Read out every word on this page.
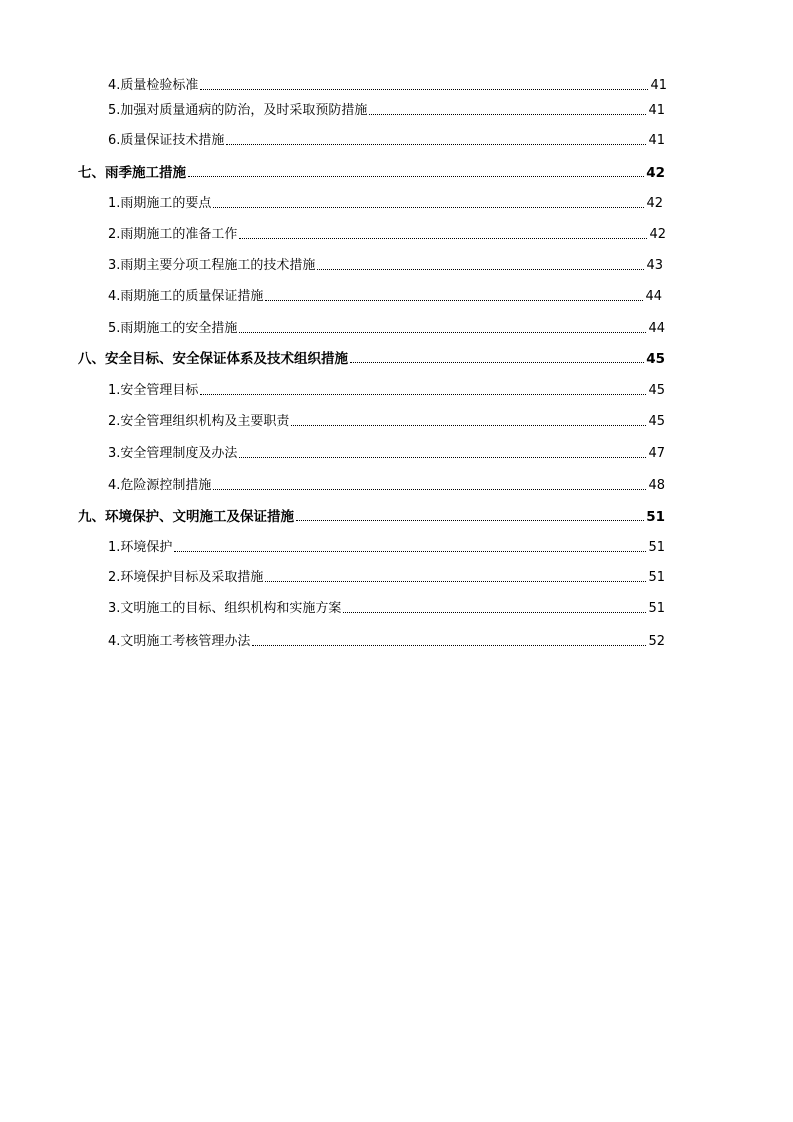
4.质量检验标准	41
5.加强对质量通病的防治，及时采取预防措施	41
6.质量保证技术措施	41
七、雨季施工措施	42
1.雨期施工的要点	42
2.雨期施工的准备工作	42
3.雨期主要分项工程施工的技术措施	43
4.雨期施工的质量保证措施	44
5.雨期施工的安全措施	44
八、安全目标、安全保证体系及技术组织措施	45
1.安全管理目标	45
2.安全管理组织机构及主要职责	45
3.安全管理制度及办法	47
4.危险源控制措施	48
九、环境保护、文明施工及保证措施	51
1.环境保护	51
2.环境保护目标及采取措施	51
3.文明施工的目标、组织机构和实施方案	51
4.文明施工考核管理办法	52
